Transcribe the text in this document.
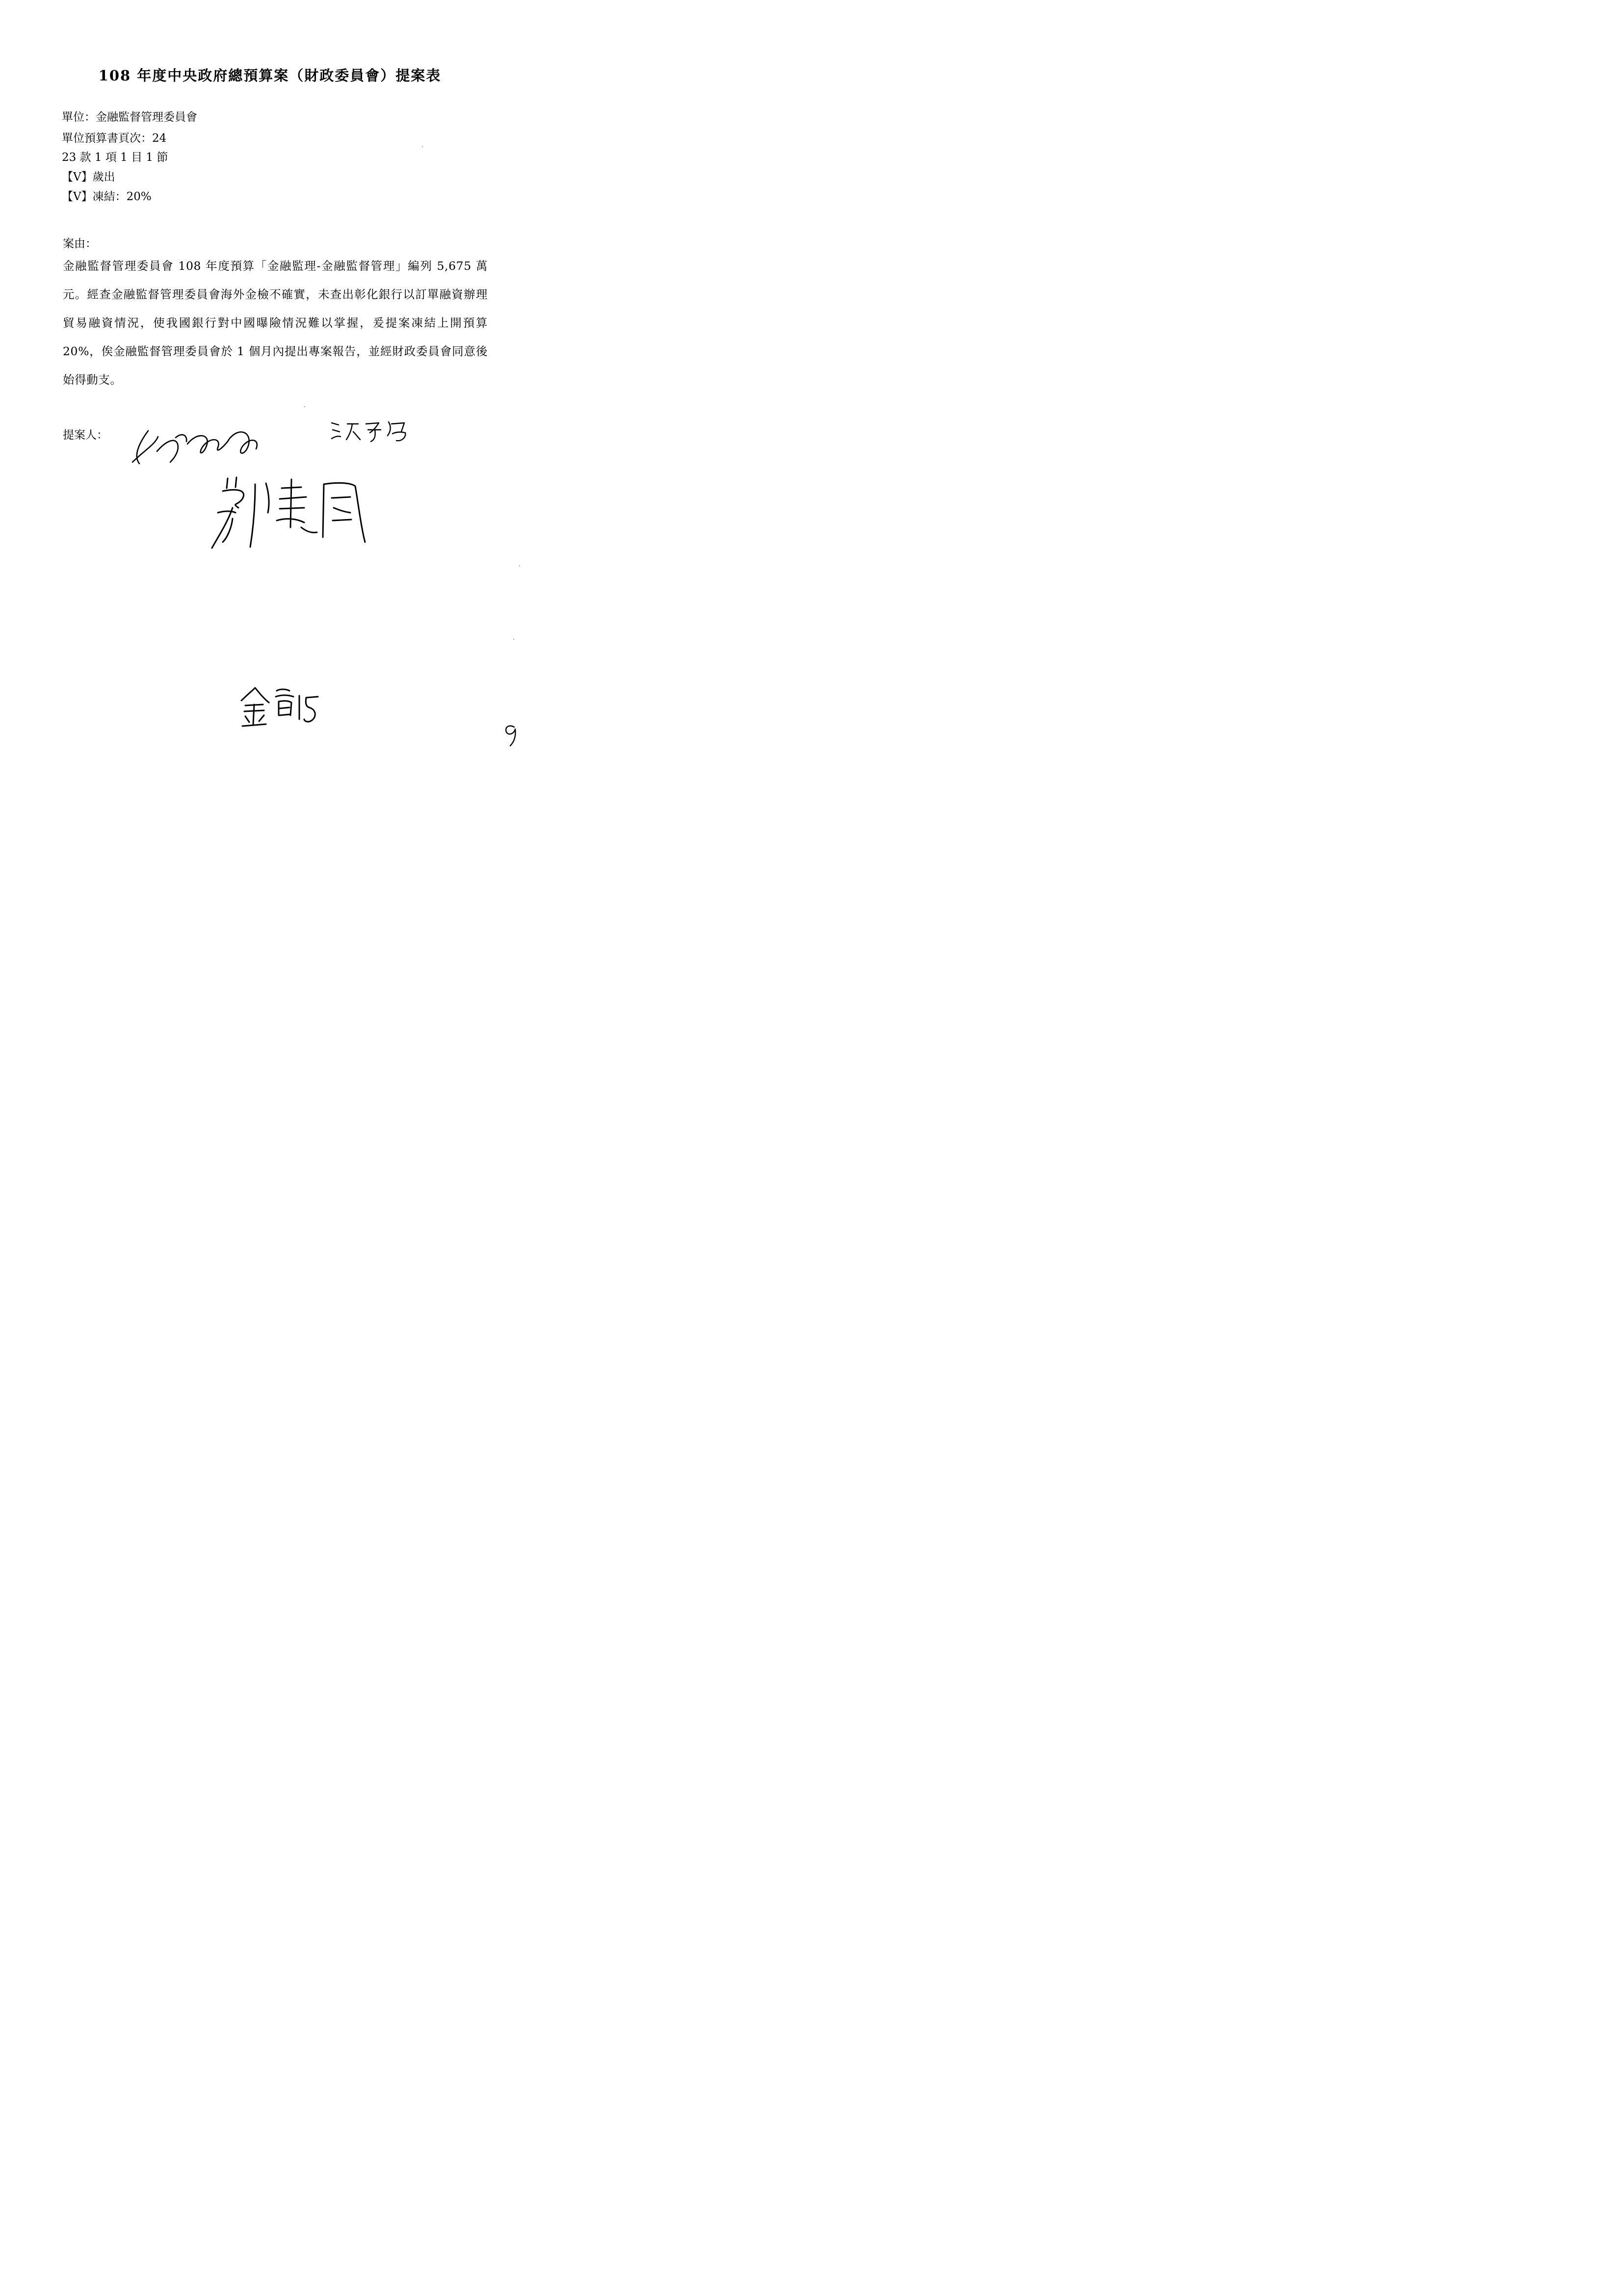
108 年度中央政府總預算案（財政委員會）提案表
單位：金融監督管理委員會
單位預算書頁次：24
23 款 1 項 1 目 1 節
【V】歲出
【V】凍結：20%
案由：
金融監督管理委員會 108 年度預算「金融監理-金融監督管理」編列 5,675 萬元。經查金融監督管理委員會海外金檢不確實，未查出彰化銀行以訂單融資辦理貿易融資情況，使我國銀行對中國曝險情況難以掌握，爰提案凍結上開預算 20%，俟金融監督管理委員會於 1 個月內提出專案報告，並經財政委員會同意後始得動支。
提案人：
